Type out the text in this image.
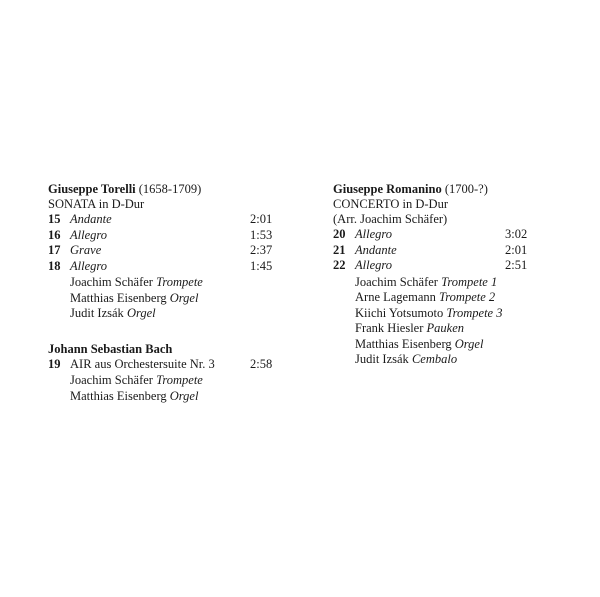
Giuseppe Torelli (1658-1709)
SONATA in D-Dur
15	Andante	2:01
16	Allegro	1:53
17	Grave	2:37
18	Allegro	1:45
Joachim Schäfer Trompete
Matthias Eisenberg Orgel
Judit Izsák Orgel
Johann Sebastian Bach
19	AIR aus Orchestersuite Nr. 3	2:58
Joachim Schäfer Trompete
Matthias Eisenberg Orgel
Giuseppe Romanino (1700-?)
CONCERTO in D-Dur
(Arr. Joachim Schäfer)
20	Allegro	3:02
21	Andante	2:01
22	Allegro	2:51
Joachim Schäfer Trompete 1
Arne Lagemann Trompete 2
Kiichi Yotsumoto Trompete 3
Frank Hiesler Pauken
Matthias Eisenberg Orgel
Judit Izsák Cembalo
